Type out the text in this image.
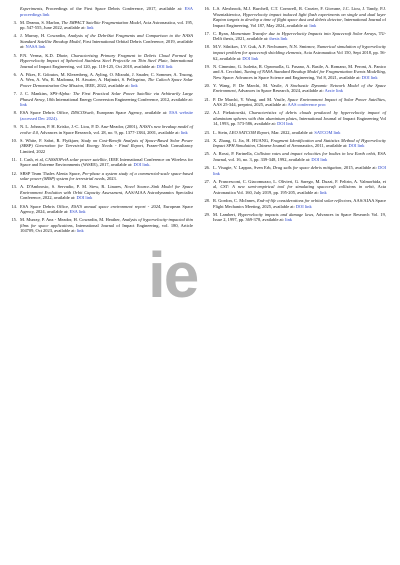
Experiments, Proceedings of the First Space Debris Conference, 2017, available at: ESA proceedings link
3. M. Deamu, S. Marlon, The IMPACT Satellite Fragmentation Model, Acta Astronautica, vol. 195, pp. 547-555, June 2022, available at: link
4. J. Murray, H. Cowardin, Analysis of the DebriSat Fragments and Comparison to the NASA Standard Satellite Breakup Model, First International Orbital Debris Conference, 2019, available at: NASA link
5. P.N. Verma, K.D. Dhote, Characterising Primary Fragment in Debris Cloud Formed by Hypervelocity Impact of Spherical Stainless Steel Projectile on Thin Steel Plate, International Journal of Impact Engineering, vol 120, pp. 118-125, Oct 2018, available at: DOI link
6. A. Fikes, E. Gdoutos, M. Klezenberg, A. Ayling, O. Mizrahi, J. Sauder, C. Sommer, A. Truong, A. Wen, A. Wu, R. Madonna, H. Atwater, A. Hajimiri, S. Pellegrino, The Caltech Space Solar Power Demonstration One Mission, IEEE, 2022, available at: link
7. J. C. Mankins, SPS-Alpha: The First Practical Solar Power Satellite via Arbitrarily Large Phased Array, 10th International Energy Conversion Engineering Conference, 2012, available at: link
8. ESA Space Debris Office, DISCOSweb, European Space Agency, available at: ESA website (accessed Dec 2024).
9. N. L. Johnson, P. H. Krisko, J.-C. Liou, P. D. Anz-Meador, (2001), NASA's new breakup model of evolve 4.0, Advances in Space Research, vol. 28, no. 9, pp. 1377-1384, 2001, available at: link
10. S. White, F. Sabri, R. Flytkjaer, Study on Cost-Benefit Analysis of Space-Based Solar Power (SBSP) Generation for Terrestrial Energy Needs - Final Report, Frazer-Nash Consultancy Limited, 2022
11. I. Cash, et al, CASSIOPeiA solar power satellite, IEEE International Conference on Wireless for Space and Extreme Environments (WiSEE), 2017, available at: DOI link.
12. SBSP Team Thales Alenia Space, Pre-phase a system study of a commercial-scale space-based solar power (SBSP) system for terrestrial needs, 2023.
13. A. D'Ambrosio, S. Servadio, P. M. Siew, R. Linares, Novel Source–Sink Model for Space Environment Evolution with Orbit Capacity Assessment, AAS/AIAA Astrodynamics Specialist Conference, 2022, available at: DOI link
14. ESA Space Debris Office, ESA'S annual space environment report - 2024, European Space Agency, 2024, available at: ESA link
15. M. Murray, P. Anz - Meador, H. Cowardin, M. Heather, Analysis of hypervelocity-impacted thin films for space applications, International Journal of Impact Engineering, vol. 180, Article 104709, Oct 2023, available at: link
16. L.S. Alexbrook, M.J. Burchell, C.T. Cornwell, R. Crozier, F. Giovane, J.C. Liou, J. Tandy, P.J. Wozniakiewicz, Hypervelocity impact induced light flash experiments on single and dual layer Kapton targets to develop a time of flight space dust and debris detector, International Journal of Impact Engineering, Vol 187, May 2024, available at: link
17. C. Ryan, Momentum Transfer due to Hypervelocity Impacts into Spacecraft Solar Arrays, TU-Delft thesis, 2021, available at: thesis link
18. M.V. Silnikov, I.V. Guk, A.F. Nechunaev, N.N. Smirnov, Numerical simulation of hypervelocity impact problem for spacecraft shielding elements, Acta Astronautica Vol 150, Sept 2018, pp. 56-62, available at: DOI link
19. N. Cimmino, G. Isoletta, R. Opromolla, G. Fasano, A. Basile, A. Romano, M. Peroni, A. Panico and A. Cecchini, Tuning of NASA Standard Breakup Model for Fragmentation Events Modelling, New Space: Advances in Space Science and Engineering, Vol 8, 2021, available at: DOI link
20. Y. Wang, P. De Marchi, M. Vasile, A Stochastic Dynamic Network Model of the Space Environment, Advances in Space Research, 2024, available at: Arxiv link
21. P. De Marchi, Y. Wang, and M. Vasile, Space Environment Impact of Solar Power Satellites, AAS 25-344, preprint, 2025, available at: AAS conference proc
22. A.J. Piekutowski, Characteristics of debris clouds produced by hypervelocity impact of aluminium spheres with thin aluminium plates, International Journal of Impact Engineering Vol 14, 1993, pp. 573-586, available at: DOI link
23. L. Stein, LEO SATCOM Report, Mar. 2022, available at: SATCOM link
24. X. Zhang, G. Jia, H. HUANG, Fragment Identification and Statistics Method of Hypervelocity Impact SPH Simulation, Chinese Journal of Aeronautics, 2011, available at: DOI link
25. A. Rossi, P. Farinella, Collision rates and impact velocities for bodies in low Earth orbit, ESA Journal, vol. 16, no. 3, pp. 339-348, 1992, available at: DOI link
26. L. Visagie, V. Lappas, Sven Erb, Drag sails for space debris mitigation, 2015, available at: DOI link
27. A. Francesconi, C. Giacomuzzo, L. Olivieri, G. Sarego, M. Duzzi, F. Feltrin, A. Valmorbida, et al, CST: A new semi-empirical tool for simulating spacecraft collisions in orbit, Acta Astronautica Vol. 160, July 2019, pp. 195-205, available at: link
28. R. Gordon, C. McInnes, End-of-life considerations for orbital solar reflectors, AAS/AIAA Space Flight Mechanics Meeting, 2025, available at: DOI link
29. M. Lambert, Hypervelocity impacts and damage laws, Advances in Space Research Vol. 19, Issue 2, 1997, pp. 369-378, available at: link
ie
